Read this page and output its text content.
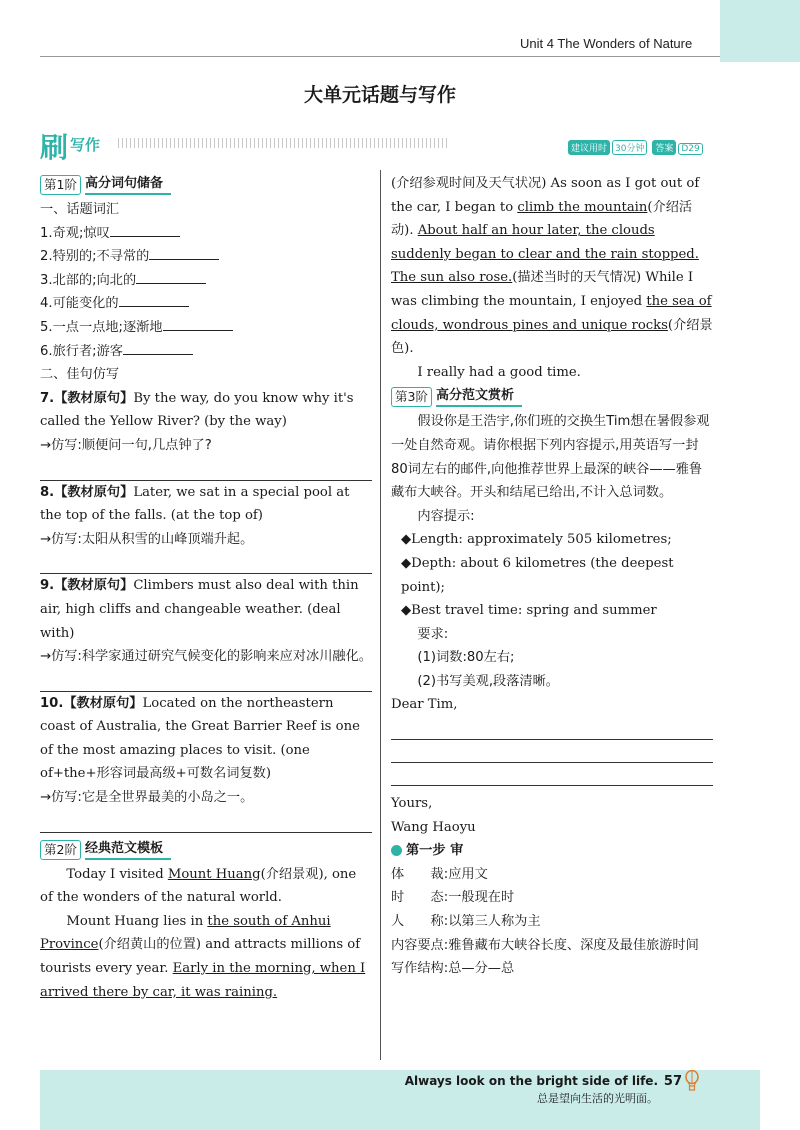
Unit 4 The Wonders of Nature
大单元话题与写作
刷 写作	建议用时 30分钟 答案 D29
第1阶 高分词句储备
一、话题词汇
1.奇观;惊叹
2.特别的;不寻常的
3.北部的;向北的
4.可能变化的
5.一点一点地;逐渐地
6.旅行者;游客
二、佳句仿写
7.【教材原句】By the way, do you know why it's called the Yellow River? (by the way)
→仿写:顺便问一句,几点钟了?
8.【教材原句】Later, we sat in a special pool at the top of the falls. (at the top of)
→仿写:太阳从积雪的山峰顶端升起。
9.【教材原句】Climbers must also deal with thin air, high cliffs and changeable weather. (deal with)
→仿写:科学家通过研究气候变化的影响来应对冰川融化。
10.【教材原句】Located on the northeastern coast of Australia, the Great Barrier Reef is one of the most amazing places to visit. (one of+the+形容词最高级+可数名词复数)
→仿写:它是全世界最美的小岛之一。
第2阶 经典范文模板

Today I visited Mount Huang(介绍景观), one of the wonders of the natural world.

Mount Huang lies in the south of Anhui Province(介绍黄山的位置) and attracts millions of tourists every year. Early in the morning, when I arrived there by car, it was raining.

(介绍参观时间及天气状况) As soon as I got out of the car, I began to climb the mountain(介绍活动). About half an hour later, the clouds suddenly began to clear and the rain stopped. The sun also rose.(描述当时的天气情况) While I was climbing the mountain, I enjoyed the sea of clouds, wondrous pines and unique rocks(介绍景色).

I really had a good time.

第3阶 高分范文赏析

假设你是王浩宇,你们班的交换生Tim想在暑假参观一处自然奇观。请你根据下列内容提示,用英语写一封80词左右的邮件,向他推荐世界上最深的峡谷——雅鲁藏布大峡谷。开头和结尾已给出,不计入总词数。

内容提示:
◆Length: approximately 505 kilometres;
◆Depth: about 6 kilometres (the deepest point);
◆Best travel time: spring and summer
要求:
(1)词数:80左右;
(2)书写美观,段落清晰。
Dear Tim,
Yours,
Wang Haoyu
第一步 审
体　　裁:应用文
时　　态:一般现在时
人　　称:以第三人称为主
内容要点:雅鲁藏布大峡谷长度、深度及最佳旅游时间
写作结构:总—分—总
Always look on the bright side of life.
总是望向生活的光明面。
57
